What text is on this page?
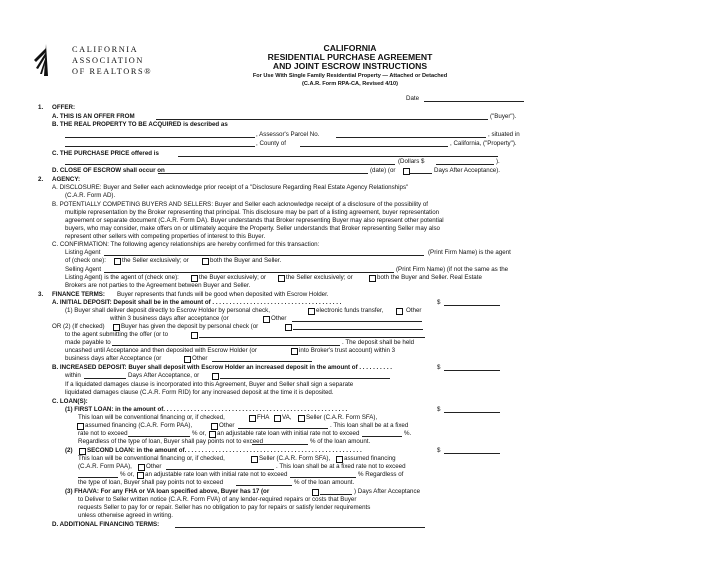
CALIFORNIA
ASSOCIATION
OF REALTORS®
CALIFORNIA
RESIDENTIAL PURCHASE AGREEMENT
AND JOINT ESCROW INSTRUCTIONS
For Use With Single Family Residential Property — Attached or Detached
(C.A.R. Form RPA-CA, Revised 4/10)
Date
1. OFFER:
A. THIS IS AN OFFER FROM	("Buyer").
B. THE REAL PROPERTY TO BE ACQUIRED is described as
, Assessor's Parcel No.	, situated in
, County of	, California, ("Property").
C. THE PURCHASE PRICE offered is
(Dollars $	).
D. CLOSE OF ESCROW shall occur on	(date) (or	Days After Acceptance).
2. AGENCY:
A. DISCLOSURE: Buyer and Seller each acknowledge prior receipt of a "Disclosure Regarding Real Estate Agency Relationships"
(C.A.R. Form AD).
B. POTENTIALLY COMPETING BUYERS AND SELLERS: Buyer and Seller each acknowledge receipt of a disclosure of the possibility of
multiple representation by the Broker representing that principal. This disclosure may be part of a listing agreement, buyer representation
agreement or separate document (C.A.R. Form DA). Buyer understands that Broker representing Buyer may also represent other potential
buyers, who may consider, make offers on or ultimately acquire the Property. Seller understands that Broker representing Seller may also
represent other sellers with competing properties of interest to this Buyer.
C. CONFIRMATION: The following agency relationships are hereby confirmed for this transaction:
Listing Agent	(Print Firm Name) is the agent
of (check one):	the Seller exclusively; or	both the Buyer and Seller.
Selling Agent	(Print Firm Name) (if not the same as the
Listing Agent) is the agent of (check one):	the Buyer exclusively; or	the Seller exclusively; or	both the Buyer and Seller. Real Estate
Brokers are not parties to the Agreement between Buyer and Seller.
3. FINANCE TERMS: Buyer represents that funds will be good when deposited with Escrow Holder.
A. INITIAL DEPOSIT: Deposit shall be in the amount of . . . . . . . . . . . . . . . . . . . . . . . . . . . . . . . . . . . . . .	$
(1) Buyer shall deliver deposit directly to Escrow Holder by personal check,	electronic funds transfer,	Other
within 3 business days after acceptance (or	Other
OR (2) (If checked)	Buyer has given the deposit by personal check (or
to the agent submitting the offer (or to
made payable to	. The deposit shall be held
uncashed until Acceptance and then deposited with Escrow Holder (or	into Broker's trust account) within 3
business days after Acceptance (or	Other
B. INCREASED DEPOSIT: Buyer shall deposit with Escrow Holder an increased deposit in the amount of . . . . . . . . . .	$
within	Days After Acceptance, or
If a liquidated damages clause is incorporated into this Agreement, Buyer and Seller shall sign a separate
liquidated damages clause (C.A.R. Form RID) for any increased deposit at the time it is deposited.
C. LOAN(S):
(1) FIRST LOAN: in the amount of. . . . . . . . . . . . . . . . . . . . . . . . . . . . . . . . . . . . . . . . . . . . . . . . . . . . . .	$
This loan will be conventional financing or, if checked,	FHA VA, Seller (C.A.R. Form SFA),
assumed financing (C.A.R. Form PAA),	Other	. This loan shall be at a fixed
rate not to exceed	% or, an adjustable rate loan with initial rate not to exceed	%.
Regardless of the type of loan, Buyer shall pay points not to exceed	% of the loan amount.
(2) SECOND LOAN: in the amount of. . . . . . . . . . . . . . . . . . . . . . . . . . . . . . . . . . . . . . . . . . . . . . . . . . . .	$
This loan will be conventional financing or, if checked,	Seller (C.A.R. Form SFA), assumed financing
(C.A.R. Form PAA), Other	. This loan shall be at a fixed rate not to exceed
% or, an adjustable rate loan with initial rate not to exceed	% Regardless of
the type of loan, Buyer shall pay points not to exceed	% of the loan amount.
(3) FHA/VA: For any FHA or VA loan specified above, Buyer has 17 (or	) Days After Acceptance
to Deliver to Seller written notice (C.A.R. Form FVA) of any lender-required repairs or costs that Buyer
requests Seller to pay for or repair. Seller has no obligation to pay for repairs or satisfy lender requirements
unless otherwise agreed in writing.
D. ADDITIONAL FINANCING TERMS:
